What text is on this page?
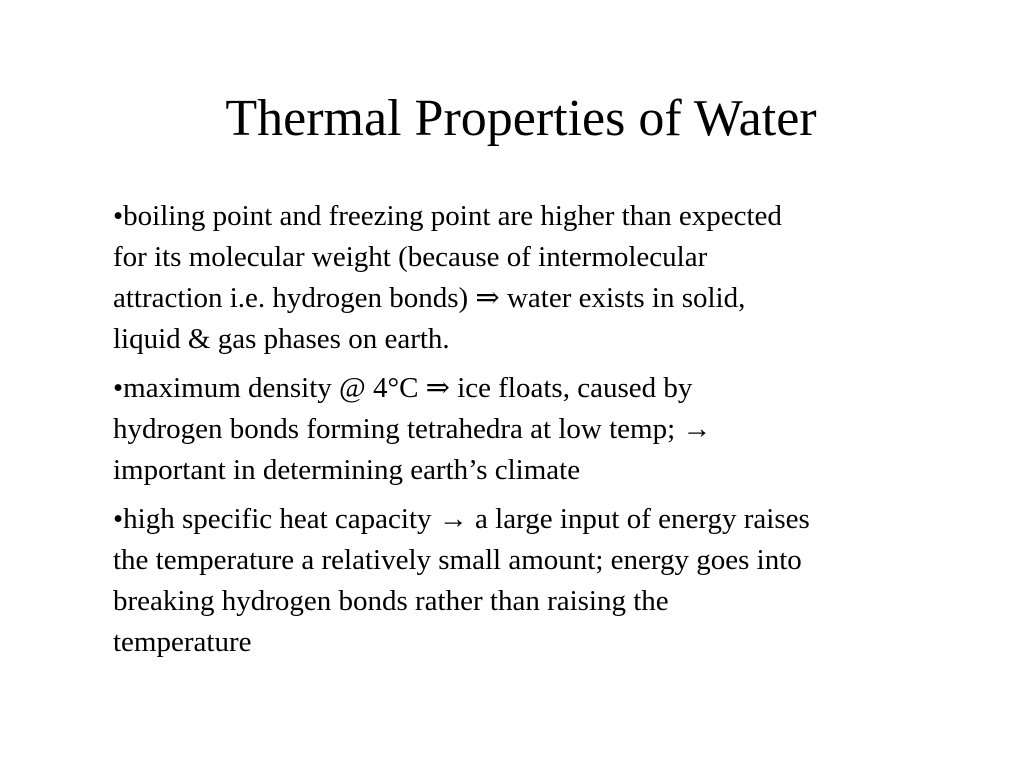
Thermal Properties of Water
•boiling point and freezing point are higher than expected
for its molecular weight (because of intermolecular
attraction i.e. hydrogen bonds) ⇒ water exists in solid,
liquid & gas phases on earth.
•maximum density @ 4°C ⇒ ice floats, caused by
hydrogen bonds forming tetrahedra at low temp; →
important in determining earth’s climate
•high specific heat capacity → a large input of energy raises
the temperature a relatively small amount; energy goes into
breaking hydrogen bonds rather than raising the
temperature
